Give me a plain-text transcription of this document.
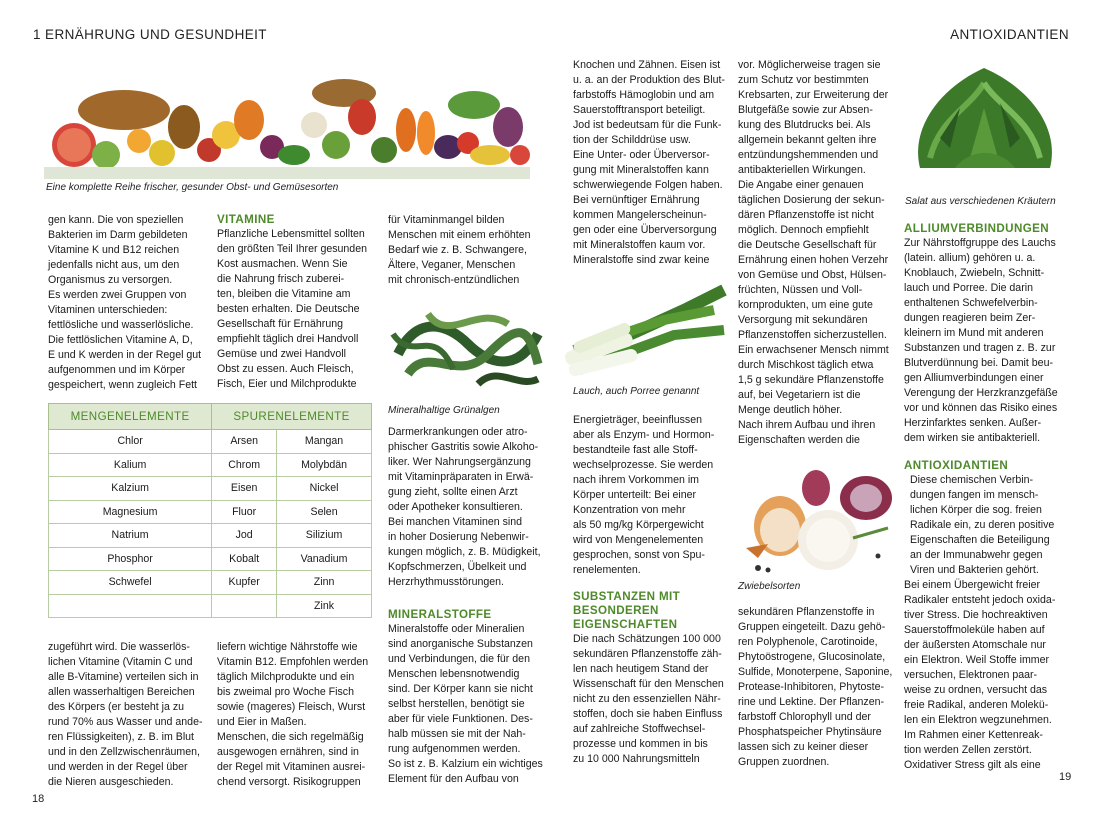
1 ERNÄHRUNG UND GESUNDHEIT	ANTIOXIDANTIEN
Eine komplette Reihe frischer, gesunder Obst- und Gemüsesorten

gen kann. Die von speziellen
Bakterien im Darm gebildeten
Vitamine K und B12 reichen
jedenfalls nicht aus, um den
Organismus zu versorgen.
Es werden zwei Gruppen von
Vitaminen unterschieden:
fettlösliche und wasserlösliche.
Die fettlöslichen Vitamine A, D,
E und K werden in der Regel gut
aufgenommen und im Körper
gespeichert, wenn zugleich Fett

VITAMINE

Pflanzliche Lebensmittel sollten
den größten Teil Ihrer gesunden
Kost ausmachen. Wenn Sie
die Nahrung frisch zuberei-
ten, bleiben die Vitamine am
besten erhalten. Die Deutsche
Gesellschaft für Ernährung
empfiehlt täglich drei Handvoll
Gemüse und zwei Handvoll
Obst zu essen. Auch Fleisch,
Fisch, Eier und Milchprodukte

MENGENELEMENTE	SPURENELEMENTE	
Chlor	Arsen	Mangan
Kalium	Chrom	Molybdän
Kalzium	Eisen	Nickel
Magnesium	Fluor	Selen
Natrium	Jod	Silizium
Phosphor	Kobalt	Vanadium
Schwefel	Kupfer	Zinn
		Zink

zugeführt wird. Die wasserlös-
lichen Vitamine (Vitamin C und
alle B-Vitamine) verteilen sich in
allen wasserhaltigen Bereichen
des Körpers (er besteht ja zu
rund 70% aus Wasser und ande-
ren Flüssigkeiten), z. B. im Blut
und in den Zellzwischenräumen,
und werden in der Regel über
die Nieren ausgeschieden.

liefern wichtige Nährstoffe wie
Vitamin B12. Empfohlen werden
täglich Milchprodukte und ein
bis zweimal pro Woche Fisch
sowie (mageres) Fleisch, Wurst
und Eier in Maßen.
Menschen, die sich regelmäßig
ausgewogen ernähren, sind in
der Regel mit Vitaminen ausrei-
chend versorgt. Risikogruppen

für Vitaminmangel bilden
Menschen mit einem erhöhten
Bedarf wie z. B. Schwangere,
Ältere, Veganer, Menschen
mit chronisch-entzündlichen

Mineralhaltige Grünalgen

Darmerkrankungen oder atro-
phischer Gastritis sowie Alkoho-
liker. Wer Nahrungsergänzung
mit Vitaminpräparaten in Erwä-
gung zieht, sollte einen Arzt
oder Apotheker konsultieren.
Bei manchen Vitaminen sind
in hoher Dosierung Nebenwir-
kungen möglich, z. B. Müdigkeit,
Kopfschmerzen, Übelkeit und
Herzrhythmusstörungen.

MINERALSTOFFE

Mineralstoffe oder Mineralien
sind anorganische Substanzen
und Verbindungen, die für den
Menschen lebensnotwendig
sind. Der Körper kann sie nicht
selbst herstellen, benötigt sie
aber für viele Funktionen. Des-
halb müssen sie mit der Nah-
rung aufgenommen werden.
So ist z. B. Kalzium ein wichtiges
Element für den Aufbau von

Knochen und Zähnen. Eisen ist
u. a. an der Produktion des Blut-
farbstoffs Hämoglobin und am
Sauerstofftransport beteiligt.
Jod ist bedeutsam für die Funk-
tion der Schilddrüse usw.
Eine Unter- oder Überversor-
gung mit Mineralstoffen kann
schwerwiegende Folgen haben.
Bei vernünftiger Ernährung
kommen Mangelerscheinun-
gen oder eine Überversorgung
mit Mineralstoffen kaum vor.
Mineralstoffe sind zwar keine

Lauch, auch Porree genannt

Energieträger, beeinflussen
aber als Enzym- und Hormon-
bestandteile fast alle Stoff-
wechselprozesse. Sie werden
nach ihrem Vorkommen im
Körper unterteilt: Bei einer
Konzentration von mehr
als 50 mg/kg Körpergewicht
wird von Mengenelementen
gesprochen, sonst von Spu-
renelementen.

SUBSTANZEN MIT
BESONDEREN
EIGENSCHAFTEN

Die nach Schätzungen 100 000
sekundären Pflanzenstoffe zäh-
len nach heutigem Stand der
Wissenschaft für den Menschen
nicht zu den essenziellen Nähr-
stoffen, doch sie haben Einfluss
auf zahlreiche Stoffwechsel-
prozesse und kommen in bis
zu 10 000 Nahrungsmitteln

vor. Möglicherweise tragen sie
zum Schutz vor bestimmten
Krebsarten, zur Erweiterung der
Blutgefäße sowie zur Absen-
kung des Blutdrucks bei. Als
allgemein bekannt gelten ihre
entzündungshemmenden und
antibakteriellen Wirkungen.
Die Angabe einer genauen
täglichen Dosierung der sekun-
dären Pflanzenstoffe ist nicht
möglich. Dennoch empfiehlt
die Deutsche Gesellschaft für
Ernährung einen hohen Verzehr
von Gemüse und Obst, Hülsen-
früchten, Nüssen und Voll-
kornprodukten, um eine gute
Versorgung mit sekundären
Pflanzenstoffen sicherzustellen.
Ein erwachsener Mensch nimmt
durch Mischkost täglich etwa
1,5 g sekundäre Pflanzenstoffe
auf, bei Vegetariern ist die
Menge deutlich höher.
Nach ihrem Aufbau und ihren
Eigenschaften werden die

Zwiebelsorten

sekundären Pflanzenstoffe in
Gruppen eingeteilt. Dazu gehö-
ren Polyphenole, Carotinoide,
Phytoöstrogene, Glucosinolate,
Sulfide, Monoterpene, Saponine,
Protease-Inhibitoren, Phytoste-
rine und Lektine. Der Pflanzen-
farbstoff Chlorophyll und der
Phosphatspeicher Phytinsäure
lassen sich zu keiner dieser
Gruppen zuordnen.

Salat aus verschiedenen Kräutern
ALLIUMVERBINDUNGEN

Zur Nährstoffgruppe des Lauchs
(latein. allium) gehören u. a.
Knoblauch, Zwiebeln, Schnitt-
lauch und Porree. Die darin
enthaltenen Schwefelverbin-
dungen reagieren beim Zer-
kleinern im Mund mit anderen
Substanzen und tragen z. B. zur
Blutverdünnung bei. Damit beu-
gen Alliumverbindungen einer
Verengung der Herzkranzgefäße
vor und können das Risiko eines
Herzinfarktes senken. Außer-
dem wirken sie antibakteriell.

ANTIOXIDANTIEN

Diese chemischen Verbin-
dungen fangen im mensch-
lichen Körper die sog. freien
Radikale ein, zu deren positive
Eigenschaften die Beteiligung
an der Immunabwehr gegen
Viren und Bakterien gehört.

Bei einem Übergewicht freier
Radikaler entsteht jedoch oxida-
tiver Stress. Die hochreaktiven
Sauerstoffmoleküle haben auf
der äußersten Atomschale nur
ein Elektron. Weil Stoffe immer
versuchen, Elektronen paar-
weise zu ordnen, versucht das
freie Radikal, anderen Molekü-
len ein Elektron wegzunehmen.
Im Rahmen einer Kettenreak-
tion werden Zellen zerstört.
Oxidativer Stress gilt als eine

18
19
